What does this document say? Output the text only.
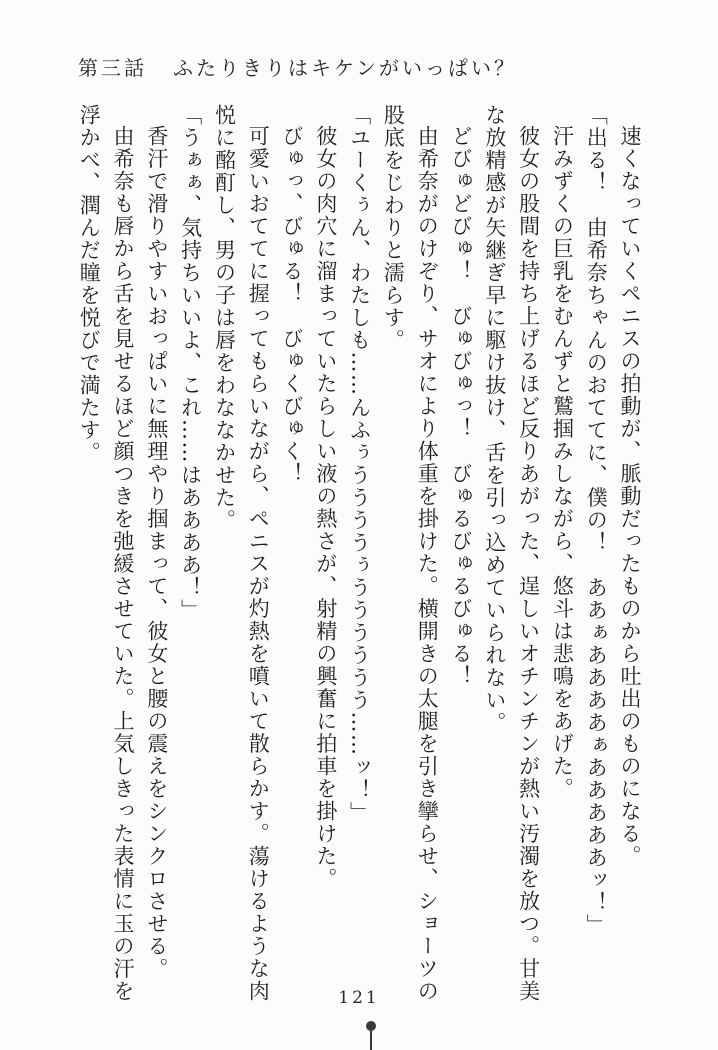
第三話 ふたりきりはキケンがいっぱい？

速くなっていくペニスの拍動が、脈動だったものから吐出のものになる。

「出る！　由希奈ちゃんのおててに、僕の！　ああぁああああぁあああああッ！」

汗みずくの巨乳をむんずと鷲掴みしながら、悠斗は悲鳴をあげた。

彼女の股間を持ち上げるほど反りあがった、逞しいオチンチンが熱い汚濁を放つ。甘美な放精感が矢継ぎ早に駆け抜け、舌を引っ込めていられない。

どびゅどびゅ！　びゅびゅっ！　びゅるびゅるびゅる！

由希奈がのけぞり、サオにより体重を掛けた。横開きの太腿を引き攣らせ、ショーツの股底をじわりと濡らす。

「ユーくぅん、わたしも……んふぅううううぅうううううう……ッ！」

彼女の肉穴に溜まっていたらしい液の熱さが、射精の興奮に拍車を掛けた。

びゅっ、びゅる！　びゅくびゅく！

可愛いおててに握ってもらいながら、ペニスが灼熱を噴いて散らかす。蕩けるような肉悦に酩酊し、男の子は唇をわななかせた。

「うぁぁ、気持ちいいよ、これ……はああああ！」

香汗で滑りやすいおっぱいに無理やり掴まって、彼女と腰の震えをシンクロさせる。

由希奈も唇から舌を見せるほど顔つきを弛緩させていた。上気しきった表情に玉の汗を浮かべ、潤んだ瞳を悦びで満たす。

121
